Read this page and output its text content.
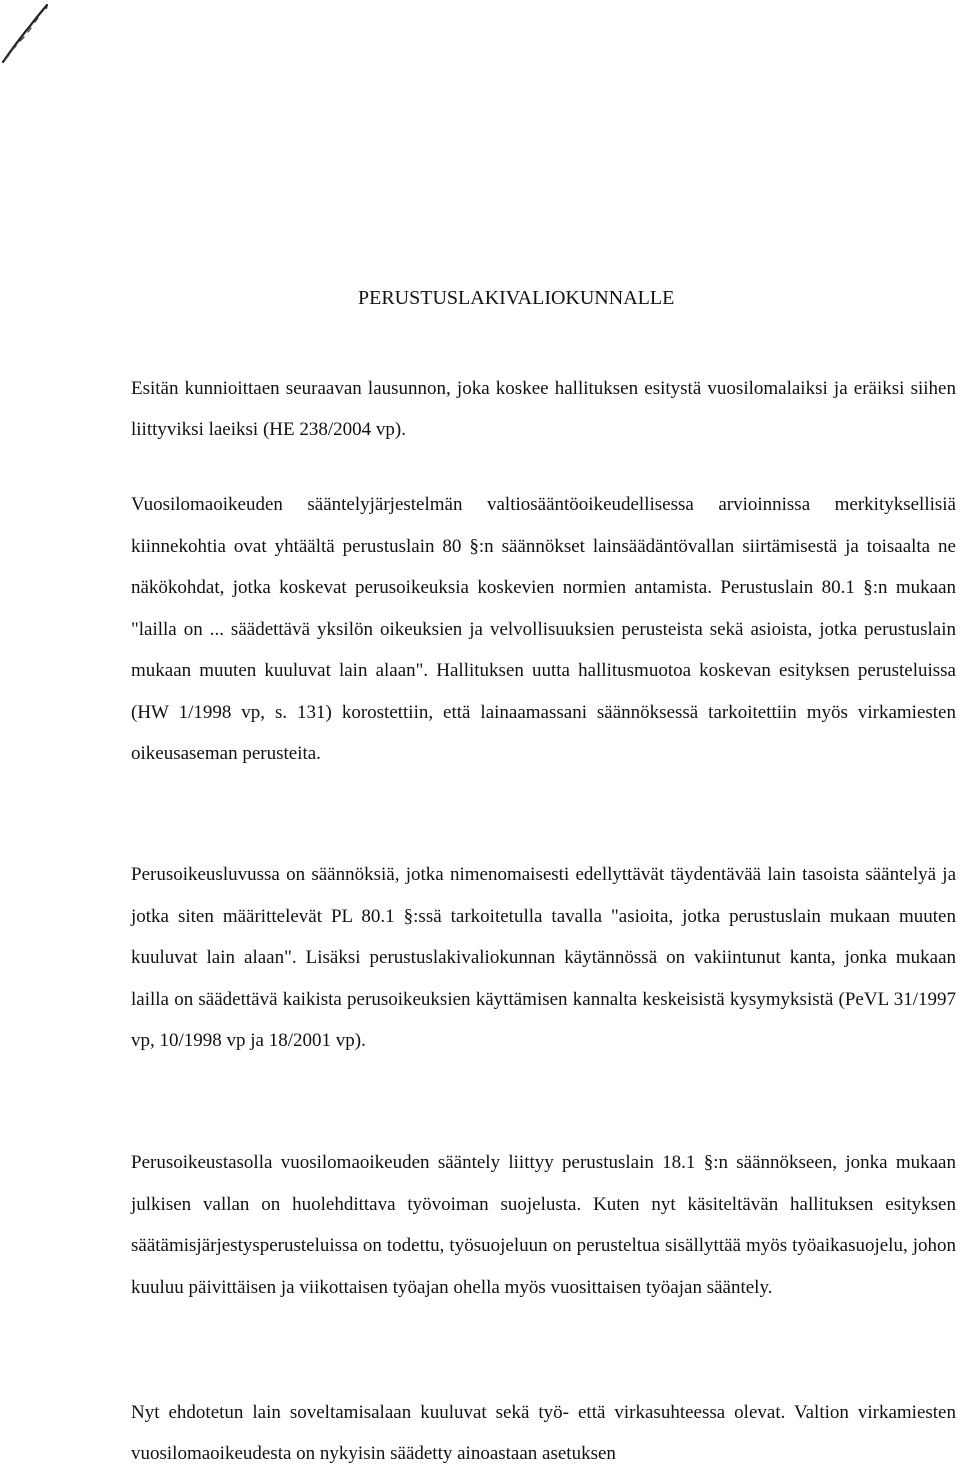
PERUSTUSLAKIVALIOKUNNALLE

Esitän kunnioittaen seuraavan lausunnon, joka koskee hallituksen esitystä vuosilomalaiksi ja eräiksi siihen liittyviksi laeiksi (HE 238/2004 vp).

Vuosilomaoikeuden sääntelyjärjestelmän valtiosääntöoikeudellisessa arvioinnissa merkityksellisiä kiinnekohtia ovat yhtäältä perustuslain 80 §:n säännökset lainsäädäntövallan siirtämisestä ja toisaalta ne näkökohdat, jotka koskevat perusoikeuksia koskevien normien antamista. Perustuslain 80.1 §:n mukaan "lailla on ... säädettävä yksilön oikeuksien ja velvollisuuksien perusteista sekä asioista, jotka perustuslain mukaan muuten kuuluvat lain alaan". Hallituksen uutta hallitusmuotoa koskevan esityksen perusteluissa (HW 1/1998 vp, s. 131) korostettiin, että lainaamassani säännöksessä tarkoitettiin myös virkamiesten oikeusaseman perusteita.

Perusoikeusluvussa on säännöksiä, jotka nimenomaisesti edellyttävät täydentävää lain tasoista sääntelyä ja jotka siten määrittelevät PL 80.1 §:ssä tarkoitetulla tavalla "asioita, jotka perustuslain mukaan muuten kuuluvat lain alaan". Lisäksi perustuslakivaliokunnan käytännössä on vakiintunut kanta, jonka mukaan lailla on säädettävä kaikista perusoikeuksien käyttämisen kannalta keskeisistä kysymyksistä (PeVL 31/1997 vp, 10/1998 vp ja 18/2001 vp).

Perusoikeustasolla vuosilomaoikeuden sääntely liittyy perustuslain 18.1 §:n säännökseen, jonka mukaan julkisen vallan on huolehdittava työvoiman suojelusta. Kuten nyt käsiteltävän hallituksen esityksen säätämisjärjestysperusteluissa on todettu, työsuojeluun on perusteltua sisällyttää myös työaikasuojelu, johon kuuluu päivittäisen ja viikottaisen työajan ohella myös vuosittaisen työajan sääntely.

Nyt ehdotetun lain soveltamisalaan kuuluvat sekä työ- että virkasuhteessa olevat. Valtion virkamiesten vuosilomaoikeudesta on nykyisin säädetty ainoastaan asetuksen
